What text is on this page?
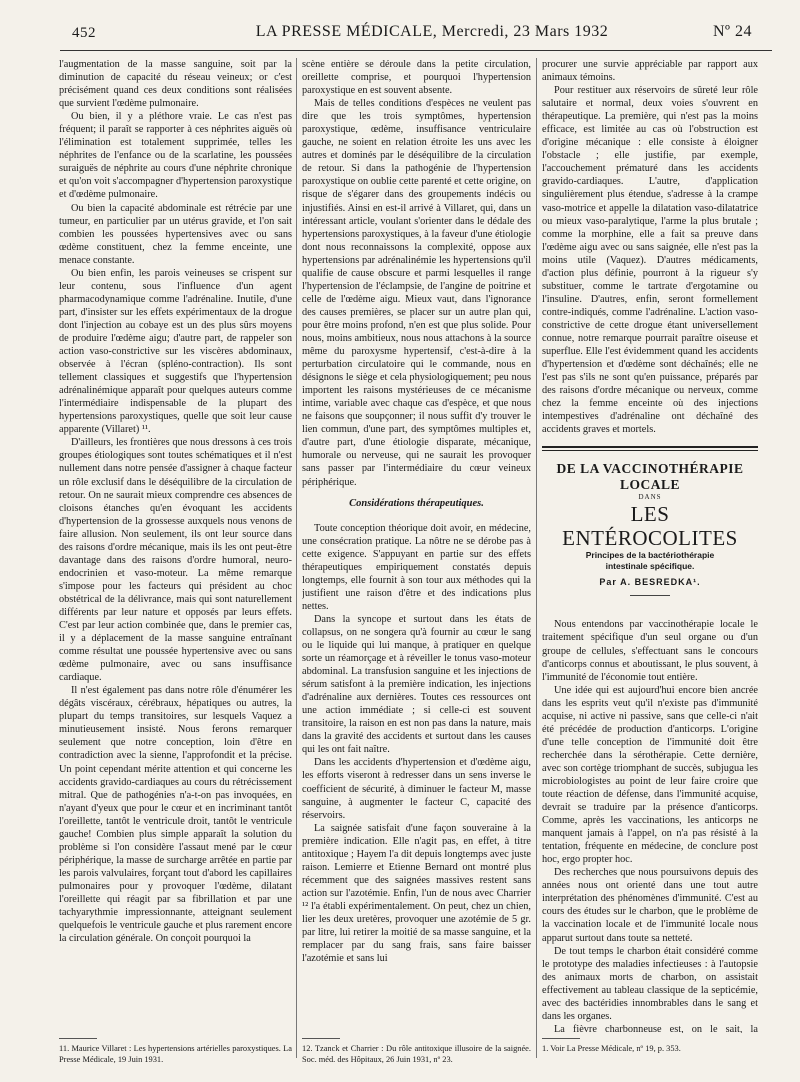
452	LA PRESSE MÉDICALE, Mercredi, 23 Mars 1932	Nº 24

l'augmentation de la masse sanguine, soit par la diminution de capacité du réseau veineux; or c'est précisément quand ces deux conditions sont réalisées que survient l'œdème pulmonaire.

Ou bien, il y a pléthore vraie. Le cas n'est pas fréquent; il paraît se rapporter à ces néphrites aiguës où l'élimination est totalement supprimée, telles les néphrites de l'enfance ou de la scarlatine, les poussées suraiguës de néphrite au cours d'une néphrite chronique et qu'on voit s'accompagner d'hypertension paroxystique et d'œdème pulmonaire.

Ou bien la capacité abdominale est rétrécie par une tumeur, en particulier par un utérus gravide, et l'on sait combien les poussées hypertensives avec ou sans œdème constituent, chez la femme enceinte, une menace constante.

Ou bien enfin, les parois veineuses se crispent sur leur contenu, sous l'influence d'un agent pharmacodynamique comme l'adrénaline. Inutile, d'une part, d'insister sur les effets expérimentaux de la drogue dont l'injection au cobaye est un des plus sûrs moyens de produire l'œdème aigu; d'autre part, de rappeler son action vaso-constrictive sur les viscères abdominaux, observée à l'écran (spléno-contraction). Ils sont tellement classiques et suggestifs que l'hypertension adrénalinémique apparaît pour quelques auteurs comme l'intermédiaire indispensable de la plupart des hypertensions paroxystiques, quelle que soit leur cause apparente (Villaret) ¹¹.

D'ailleurs, les frontières que nous dressons à ces trois groupes étiologiques sont toutes schématiques et il n'est nullement dans notre pensée d'assigner à chaque facteur un rôle exclusif dans le déséquilibre de la circulation de retour. On ne saurait mieux comprendre ces absences de cloisons étanches qu'en évoquant les accidents d'hypertension de la grossesse auxquels nous venons de faire allusion. Non seulement, ils ont leur source dans des raisons d'ordre mécanique, mais ils les ont peut-être davantage dans des raisons d'ordre humoral, neuro-endocrinien et vaso-moteur. La même remarque s'impose pour les facteurs qui président au choc obstétrical de la délivrance, mais qui sont naturellement différents par leur nature et opposés par leurs effets. C'est par leur action combinée que, dans le premier cas, il y a déplacement de la masse sanguine entraînant comme résultat une poussée hypertensive avec ou sans œdème pulmonaire, avec ou sans insuffisance cardiaque.

Il n'est également pas dans notre rôle d'énumérer les dégâts viscéraux, cérébraux, hépatiques ou autres, la plupart du temps transitoires, sur lesquels Vaquez a minutieusement insisté. Nous ferons remarquer seulement que notre conception, loin d'être en contradiction avec la sienne, l'approfondit et la précise. Un point cependant mérite attention et qui concerne les accidents gravido-cardiaques au cours du rétrécissement mitral. Que de pathogénies n'a-t-on pas invoquées, en n'ayant d'yeux que pour le cœur et en incriminant tantôt l'oreillette, tantôt le ventricule droit, tantôt le ventricule gauche! Combien plus simple apparaît la solution du problème si l'on considère l'assaut mené par le cœur périphérique, la masse de surcharge arrêtée en partie par les parois valvulaires, forçant tout d'abord les capillaires pulmonaires pour y provoquer l'œdème, dilatant l'oreillette qui réagit par sa fibrillation et par une tachyarythmie impressionnante, atteignant seulement quelquefois le ventricule gauche et plus rarement encore la circulation générale. On conçoit pourquoi la

11. Maurice Villaret : Les hypertensions artérielles paroxystiques. La Presse Médicale, 19 Juin 1931.

scène entière se déroule dans la petite circulation, oreillette comprise, et pourquoi l'hypertension paroxystique en est souvent absente.

Mais de telles conditions d'espèces ne veulent pas dire que les trois symptômes, hypertension paroxystique, œdème, insuffisance ventriculaire gauche, ne soient en relation étroite les uns avec les autres et dominés par le déséquilibre de la circulation de retour. Si dans la pathogénie de l'hypertension paroxystique on oublie cette parenté et cette origine, on risque de s'égarer dans des groupements indécis ou injustifiés. Ainsi en est-il arrivé à Villaret, qui, dans un intéressant article, voulant s'orienter dans le dédale des hypertensions paroxystiques, à la faveur d'une étiologie dont nous reconnaissons la complexité, oppose aux hypertensions par adrénalinémie les hypertensions qu'il qualifie de cause obscure et parmi lesquelles il range l'hypertension de l'éclampsie, de l'angine de poitrine et celle de l'œdème aigu. Mieux vaut, dans l'ignorance des causes premières, se placer sur un autre plan qui, pour être moins profond, n'en est que plus solide. Pour nous, moins ambitieux, nous nous attachons à la source même du paroxysme hypertensif, c'est-à-dire à la perturbation circulatoire qui le commande, nous en désignons le siège et cela physiologiquement; peu nous importent les raisons mystérieuses de ce mécanisme intime, variable avec chaque cas d'espèce, et que nous ne faisons que soupçonner; il nous suffit d'y trouver le lien commun, d'une part, des symptômes multiples et, d'autre part, d'une étiologie disparate, mécanique, humorale ou nerveuse, qui ne saurait les provoquer sans passer par l'intermédiaire du cœur veineux périphérique.

Considérations thérapeutiques.

Toute conception théorique doit avoir, en médecine, une consécration pratique. La nôtre ne se dérobe pas à cette exigence. S'appuyant en partie sur des effets thérapeutiques empiriquement constatés depuis longtemps, elle fournit à son tour aux méthodes qui la justifient une raison d'être et des indications plus nettes.

Dans la syncope et surtout dans les états de collapsus, on ne songera qu'à fournir au cœur le sang ou le liquide qui lui manque, à pratiquer en quelque sorte un réamorçage et à réveiller le tonus vaso-moteur abdominal. La transfusion sanguine et les injections de sérum satisfont à la première indication, les injections d'adrénaline aux dernières. Toutes ces ressources ont une action immédiate ; si celle-ci est souvent transitoire, la raison en est non pas dans la nature, mais dans la gravité des accidents et surtout dans les causes qui les ont fait naître.

Dans les accidents d'hypertension et d'œdème aigu, les efforts viseront à redresser dans un sens inverse le coefficient de sécurité, à diminuer le facteur M, masse sanguine, à augmenter le facteur C, capacité des réservoirs.

La saignée satisfait d'une façon souveraine à la première indication. Elle n'agit pas, en effet, à titre antitoxique ; Hayem l'a dit depuis longtemps avec juste raison. Lemierre et Etienne Bernard ont montré plus récemment que des saignées massives restent sans action sur l'azotémie. Enfin, l'un de nous avec Charrier ¹² l'a établi expérimentalement. On peut, chez un chien, lier les deux uretères, provoquer une azotémie de 5 gr. par litre, lui retirer la moitié de sa masse sanguine, et la remplacer par du sang frais, sans faire baisser l'azotémie et sans lui

12. Tzanck et Charrier : Du rôle antitoxique illusoire de la saignée. Soc. méd. des Hôpitaux, 26 Juin 1931, nº 23.

procurer une survie appréciable par rapport aux animaux témoins.

Pour restituer aux réservoirs de sûreté leur rôle salutaire et normal, deux voies s'ouvrent en thérapeutique. La première, qui n'est pas la moins efficace, est limitée au cas où l'obstruction est d'origine mécanique : elle consiste à éloigner l'obstacle ; elle justifie, par exemple, l'accouchement prématuré dans les accidents gravido-cardiaques. L'autre, d'application singulièrement plus étendue, s'adresse à la crampe vaso-motrice et appelle la dilatation vaso-dilatatrice ou mieux vaso-paralytique, l'arme la plus brutale ; comme la morphine, elle a fait sa preuve dans l'œdème aigu avec ou sans saignée, elle n'est pas la moins utile (Vaquez). D'autres médicaments, d'action plus définie, pourront à la rigueur s'y substituer, comme le tartrate d'ergotamine ou l'insuline. D'autres, enfin, seront formellement contre-indiqués, comme l'adrénaline. L'action vaso-constrictive de cette drogue étant universellement connue, notre remarque pourrait paraître oiseuse et superflue. Elle l'est évidemment quand les accidents d'hypertension et d'œdème sont déchaînés; elle ne l'est pas s'ils ne sont qu'en puissance, préparés par des raisons d'ordre mécanique ou nerveux, comme chez la femme enceinte où des injections intempestives d'adrénaline ont déchaîné des accidents graves et mortels.

DE LA VACCINOTHÉRAPIE LOCALE
DANS
LES ENTÉROCOLITES
Principes de la bactériothérapie
intestinale spécifique.
Par A. BESREDKA¹.

Nous entendons par vaccinothérapie locale le traitement spécifique d'un seul organe ou d'un groupe de cellules, s'effectuant sans le concours d'anticorps connus et aboutissant, le plus souvent, à l'immunité de l'économie tout entière.

Une idée qui est aujourd'hui encore bien ancrée dans les esprits veut qu'il n'existe pas d'immunité acquise, ni active ni passive, sans que celle-ci n'ait été précédée de production d'anticorps. L'origine d'une telle conception de l'immunité doit être recherchée dans la sérothérapie. Cette dernière, avec son cortège triomphant de succès, subjugua les microbiologistes au point de leur faire croire que toute réaction de défense, dans l'immunité acquise, devrait se traduire par la présence d'anticorps. Comme, après les vaccinations, les anticorps ne manquent jamais à l'appel, on n'a pas résisté à la tentation, fréquente en médecine, de conclure post hoc, ergo propter hoc.

Des recherches que nous poursuivons depuis des années nous ont orienté dans une tout autre interprétation des phénomènes d'immunité. C'est au cours des études sur le charbon, que le problème de la vaccination locale et de l'immunité locale nous apparut surtout dans toute sa netteté.

De tout temps le charbon était considéré comme le prototype des maladies infectieuses : à l'autopsie des animaux morts de charbon, on assistait effectivement au tableau classique de la septicémie, avec des bactéridies innombrables dans le sang et dans les organes.

La fièvre charbonneuse est, on le sait, la

1. Voir La Presse Médicale, nº 19, p. 353.
